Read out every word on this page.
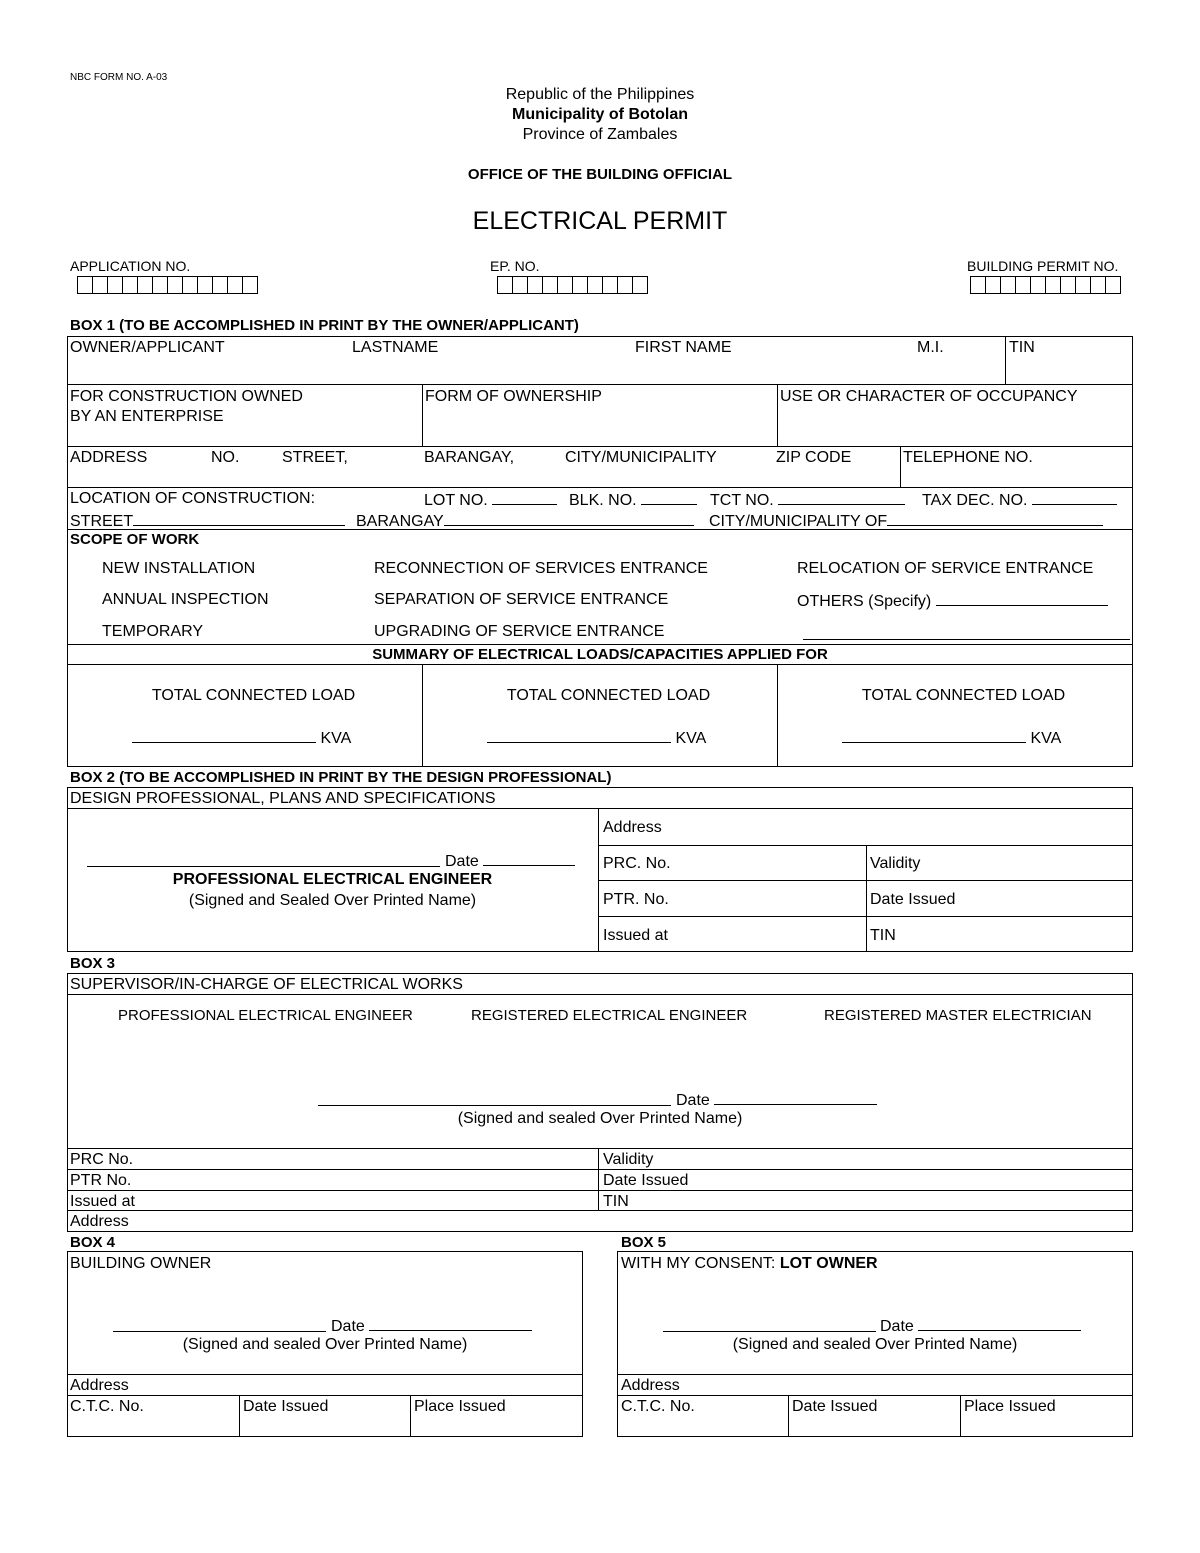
NBC FORM NO. A-03
Republic of the Philippines
Municipality of Botolan
Province of Zambales
OFFICE OF THE BUILDING OFFICIAL
ELECTRICAL PERMIT
APPLICATION NO.	EP. NO.	BUILDING PERMIT NO.
BOX 1 (TO BE ACCOMPLISHED IN PRINT BY THE OWNER/APPLICANT)
OWNER/APPLICANT	LASTNAME	FIRST NAME	M.I.	TIN
FOR CONSTRUCTION OWNED
BY AN ENTERPRISE
FORM OF OWNERSHIP	USE OR CHARACTER OF OCCUPANCY
ADDRESS	NO.	STREET,	BARANGAY,	CITY/MUNICIPALITY	ZIP CODE	TELEPHONE NO.
LOCATION OF CONSTRUCTION:	LOT NO.	BLK. NO.	TCT NO.	TAX DEC. NO.
STREET	BARANGAY	CITY/MUNICIPALITY OF
SCOPE OF WORK
NEW INSTALLATION	RECONNECTION OF SERVICES ENTRANCE	RELOCATION OF SERVICE ENTRANCE
ANNUAL INSPECTION	SEPARATION OF SERVICE ENTRANCE	OTHERS (Specify)
TEMPORARY	UPGRADING OF SERVICE ENTRANCE
SUMMARY OF ELECTRICAL LOADS/CAPACITIES APPLIED FOR
TOTAL CONNECTED LOAD
KVA
TOTAL CONNECTED LOAD
KVA
TOTAL CONNECTED LOAD
KVA
BOX 2 (TO BE ACCOMPLISHED IN PRINT BY THE DESIGN PROFESSIONAL)
DESIGN PROFESSIONAL, PLANS AND SPECIFICATIONS
Date
PROFESSIONAL ELECTRICAL ENGINEER
(Signed and Sealed Over Printed Name)
Address
PRC. No.	Validity
PTR. No.	Date Issued
Issued at	TIN
BOX 3
SUPERVISOR/IN-CHARGE OF ELECTRICAL WORKS
PROFESSIONAL ELECTRICAL ENGINEER	REGISTERED ELECTRICAL ENGINEER	REGISTERED MASTER ELECTRICIAN
Date
(Signed and sealed Over Printed Name)
PRC No.	Validity
PTR No.	Date Issued
Issued at	TIN
Address
BOX 4
BUILDING OWNER
Date
(Signed and sealed Over Printed Name)
Address
C.T.C. No.	Date Issued	Place Issued
BOX 5
WITH MY CONSENT: LOT OWNER
Date
(Signed and sealed Over Printed Name)
Address
C.T.C. No.	Date Issued	Place Issued
